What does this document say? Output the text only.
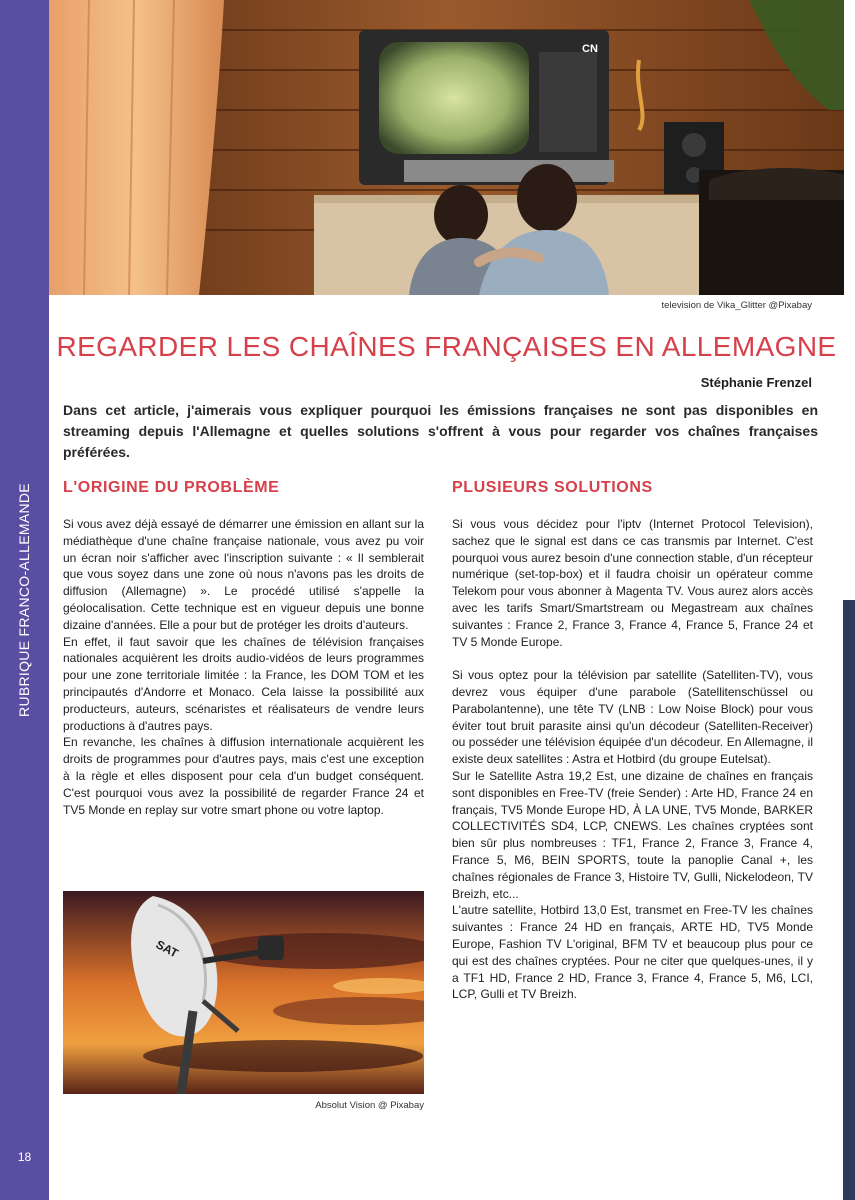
RUBRIQUE FRANCO-ALLEMANDE
18
CN
television de Vika_Glitter @Pixabay
REGARDER LES CHAÎNES FRANÇAISES EN ALLEMAGNE
Stéphanie Frenzel

Dans cet article, j'aimerais vous expliquer pourquoi les émissions françaises ne sont pas disponibles en streaming depuis l'Allemagne et quelles solutions s'offrent à vous pour regarder vos chaînes françaises préférées.

L'ORIGINE DU PROBLÈME	PLUSIEURS SOLUTIONS

Si vous avez déjà essayé de démarrer une émission en allant sur la médiathèque d'une chaîne française nationale, vous avez pu voir un écran noir s'afficher avec l'inscription suivante : « Il semblerait que vous soyez dans une zone où nous n'avons pas les droits de diffusion (Allemagne) ». Le procédé utilisé s'appelle la géolocalisation. Cette technique est en vigueur depuis une bonne dizaine d'années. Elle a pour but de protéger les droits d'auteurs.

En effet, il faut savoir que les chaînes de télévision françaises nationales acquièrent les droits audio-vidéos de leurs programmes pour une zone territoriale limitée : la France, les DOM TOM et les principautés d'Andorre et Monaco. Cela laisse la possibilité aux producteurs, auteurs, scénaristes et réalisateurs de vendre leurs productions à d'autres pays.

En revanche, les chaînes à diffusion internationale acquièrent les droits de programmes pour d'autres pays, mais c'est une exception à la règle et elles disposent pour cela d'un budget conséquent. C'est pourquoi vous avez la possibilité de regarder France 24 et TV5 Monde en replay sur votre smart phone ou votre laptop.

Si vous vous décidez pour l'iptv (Internet Protocol Television), sachez que le signal est dans ce cas transmis par Internet. C'est pourquoi vous aurez besoin d'une connection stable, d'un récepteur numérique (set-top-box) et il faudra choisir un opérateur comme Telekom pour vous abonner à Magenta TV. Vous aurez alors accès avec les tarifs Smart/Smartstream ou Megastream aux chaînes suivantes : France 2, France 3, France 4, France 5, France 24 et TV 5 Monde Europe.

Si vous optez pour la télévision par satellite (Satelliten-TV), vous devrez vous équiper d'une parabole (Satellitenschüssel ou Parabolantenne), une tête TV (LNB : Low Noise Block) pour vous éviter tout bruit parasite ainsi qu'un décodeur (Satelliten-Receiver) ou posséder une télévision équipée d'un décodeur. En Allemagne, il existe deux satellites : Astra et Hotbird (du groupe Eutelsat).

Sur le Satellite Astra 19,2 Est, une dizaine de chaînes en français sont disponibles en Free-TV (freie Sender) : Arte HD, France 24 en français, TV5 Monde Europe HD, À LA UNE, TV5 Monde, BARKER COLLECTIVITÉS SD4, LCP, CNEWS. Les chaînes cryptées sont bien sûr plus nombreuses : TF1, France 2, France 3, France 4, France 5, M6, BEIN SPORTS, toute la panoplie Canal +, les chaînes régionales de France 3, Histoire TV, Gulli, Nickelodeon, TV Breizh, etc...

L'autre satellite, Hotbird 13,0 Est, transmet en Free-TV les chaînes suivantes : France 24 HD en français, ARTE HD, TV5 Monde Europe, Fashion TV L'original, BFM TV et beaucoup plus pour ce qui est des chaînes cryptées. Pour ne citer que quelques-unes, il y a TF1 HD, France 2 HD, France 3, France 4, France 5, M6, LCI, LCP, Gulli et TV Breizh.

SAT
Absolut Vision @ Pixabay
